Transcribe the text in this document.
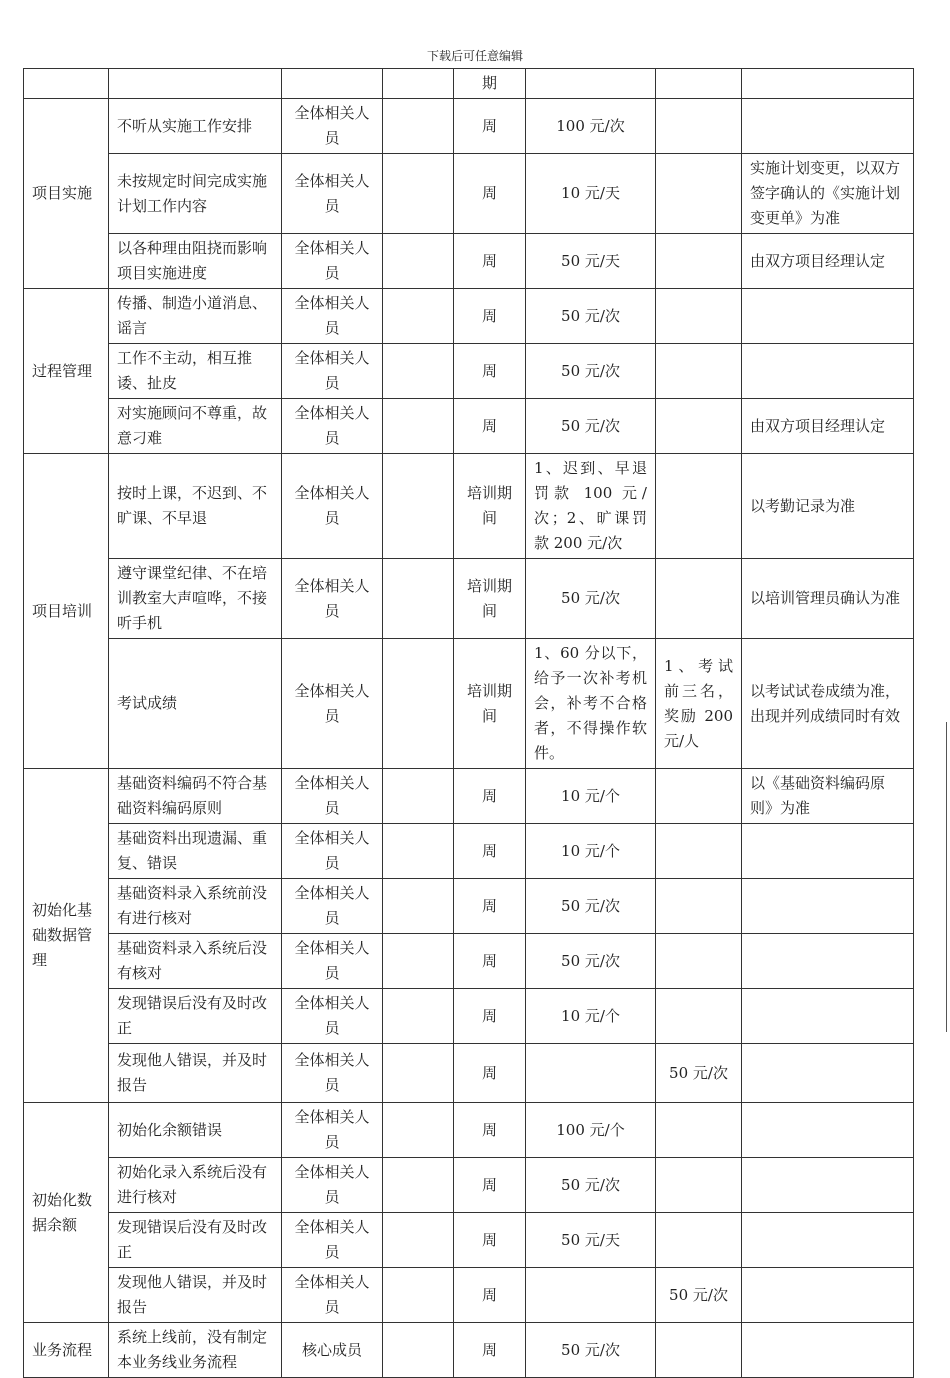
下载后可任意编辑
				期			
项目实施	不听从实施工作安排	全体相关人员		周	100 元/次		
	未按规定时间完成实施计划工作内容	全体相关人员		周	10 元/天		实施计划变更，以双方签字确认的《实施计划变更单》为准
	以各种理由阻挠而影响项目实施进度	全体相关人员		周	50 元/天		由双方项目经理认定
过程管理	传播、制造小道消息、谣言	全体相关人员		周	50 元/次		
	工作不主动，相互推诿、扯皮	全体相关人员		周	50 元/次		
	对实施顾问不尊重，故意刁难	全体相关人员		周	50 元/次		由双方项目经理认定
项目培训	按时上课，不迟到、不旷课、不早退	全体相关人员		培训期间	1、迟到、早退罚款 100 元/次；2、旷课罚款 200 元/次		以考勤记录为准
	遵守课堂纪律、不在培训教室大声喧哗，不接听手机	全体相关人员		培训期间	50 元/次		以培训管理员确认为准
	考试成绩	全体相关人员		培训期间	1、60 分以下，给予一次补考机会，补考不合格者，不得操作软件。	1、考试前三名，奖励 200 元/人	以考试试卷成绩为准，出现并列成绩同时有效
初始化基础数据管理	基础资料编码不符合基础资料编码原则	全体相关人员		周	10 元/个		以《基础资料编码原则》为准
	基础资料出现遗漏、重复、错误	全体相关人员		周	10 元/个		
	基础资料录入系统前没有进行核对	全体相关人员		周	50 元/次		
	基础资料录入系统后没有核对	全体相关人员		周	50 元/次		
	发现错误后没有及时改正	全体相关人员		周	10 元/个		
	发现他人错误，并及时报告	全体相关人员		周		50 元/次	
初始化数据余额	初始化余额错误	全体相关人员		周	100 元/个		
	初始化录入系统后没有进行核对	全体相关人员		周	50 元/次		
	发现错误后没有及时改正	全体相关人员		周	50 元/天		
	发现他人错误，并及时报告	全体相关人员		周		50 元/次	
业务流程	系统上线前，没有制定本业务线业务流程	核心成员		周	50 元/次		
